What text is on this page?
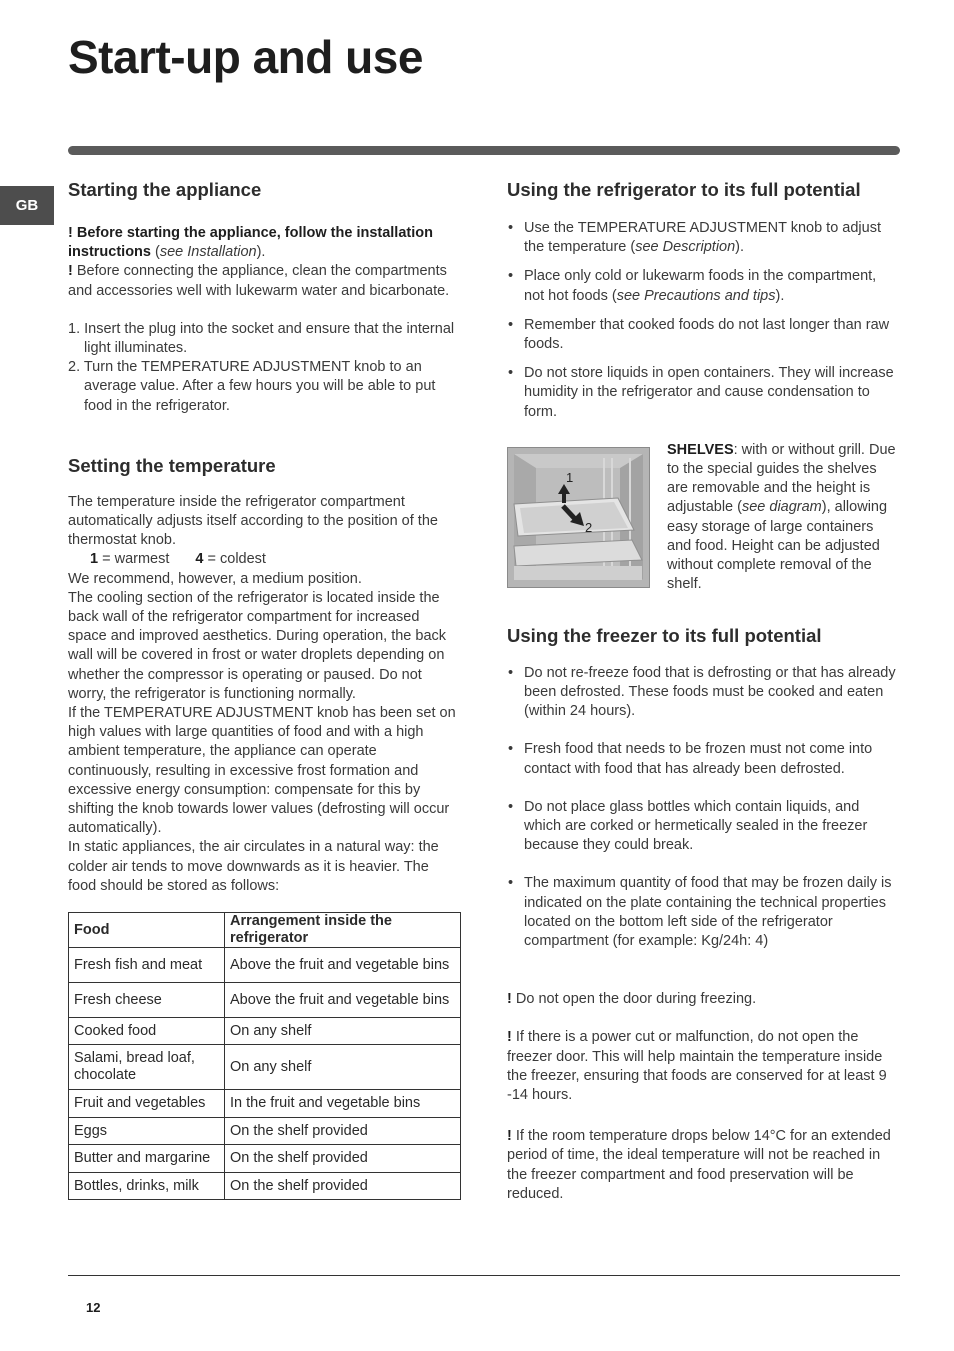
Start-up and use
GB
Starting the appliance

! Before starting the appliance, follow the installation instructions (see Installation).

! Before connecting the appliance, clean the compartments and accessories well with lukewarm water and bicarbonate.

1. Insert the plug into the socket and ensure that the internal light illuminates.
2. Turn the TEMPERATURE ADJUSTMENT knob to an average value. After a few hours you will be able to put food in the refrigerator.
Setting the temperature

The temperature inside the refrigerator compartment automatically adjusts itself according to the position of the thermostat knob.

1 = warmest 4 = coldest

We recommend, however, a medium position.

The cooling section of the refrigerator is located inside the back wall of the refrigerator compartment for increased space and improved aesthetics. During operation, the back wall will be covered in frost or water droplets depending on whether the compressor is operating or paused. Do not worry, the refrigerator is functioning normally.

If the TEMPERATURE ADJUSTMENT knob has been set on high values with large quantities of food and with a high ambient temperature, the appliance can operate continuously, resulting in excessive frost formation and excessive energy consumption: compensate for this by shifting the knob towards lower values (defrosting will occur automatically).

In static appliances, the air circulates in a natural way: the colder air tends to move downwards as it is heavier. The food should be stored as follows:

Food	Arrangement inside the refrigerator
Fresh fish and meat	Above the fruit and vegetable bins
Fresh cheese	Above the fruit and vegetable bins
Cooked food	On any shelf
Salami, bread loaf, chocolate	On any shelf
Fruit and vegetables	In the fruit and vegetable bins
Eggs	On the shelf provided
Butter and margarine	On the shelf provided
Bottles, drinks, milk	On the shelf provided
Using the refrigerator to its full potential
• Use the TEMPERATURE ADJUSTMENT knob to adjust the temperature (see Description).
• Place only cold or lukewarm foods in the compartment, not hot foods (see Precautions and tips).
• Remember that cooked foods do not last longer than raw foods.
• Do not store liquids in open containers. They will increase humidity in the refrigerator and cause condensation to form.
1
2

SHELVES: with or without grill. Due to the special guides the shelves are removable and the height is adjustable (see diagram), allowing easy storage of large containers and food. Height can be adjusted without complete removal of the shelf.

Using the freezer to its full potential
• Do not re-freeze food that is defrosting or that has already been defrosted. These foods must be cooked and eaten (within 24 hours).
• Fresh food that needs to be frozen must not come into contact with food that has already been defrosted.
• Do not place glass bottles which contain liquids, and which are corked or hermetically sealed in the freezer because they could break.
• The maximum quantity of food that may be frozen daily is indicated on the plate containing the technical properties located on the bottom left side of the refrigerator compartment (for example: Kg/24h: 4)

! Do not open the door during freezing.

! If there is a power cut or malfunction, do not open the freezer door. This will help maintain the temperature inside the freezer, ensuring that foods are conserved for at least 9 -14 hours.

! If the room temperature drops below 14°C for an extended period of time, the ideal temperature will not be reached in the freezer compartment and food preservation will be reduced.

12
